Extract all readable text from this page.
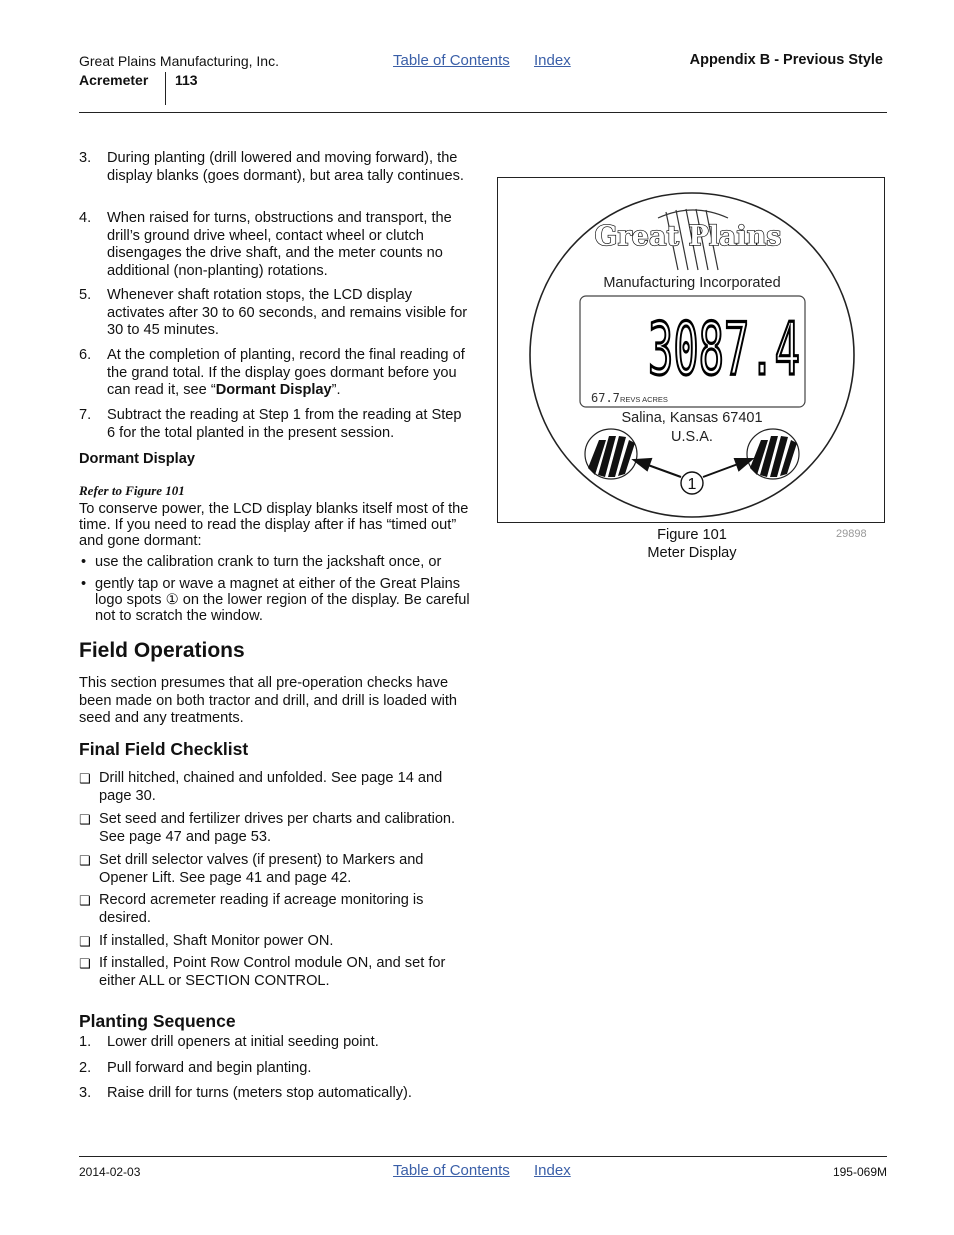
Great Plains Manufacturing, Inc.
Acremeter 113
Table of Contents Index	Appendix B - Previous Style
3.	During planting (drill lowered and moving forward), the display blanks (goes dormant), but area tally continues.
4.	When raised for turns, obstructions and transport, the drill’s ground drive wheel, contact wheel or clutch disengages the drive shaft, and the meter counts no additional (non-planting) rotations.
5.	Whenever shaft rotation stops, the LCD display activates after 30 to 60 seconds, and remains visible for 30 to 45 minutes.
6.	At the completion of planting, record the final reading of the grand total. If the display goes dormant before you can read it, see “Dormant Display”.
7.	Subtract the reading at Step 1 from the reading at Step 6 for the total planted in the present session.
Dormant Display
Refer to Figure 101
To conserve power, the LCD display blanks itself most of the time. If you need to read the display after if has “timed out” and gone dormant:
• use the calibration crank to turn the jackshaft once, or
• gently tap or wave a magnet at either of the Great Plains logo spots ① on the lower region of the display. Be careful not to scratch the window.
Field Operations
This section presumes that all pre-operation checks have been made on both tractor and drill, and drill is loaded with seed and any treatments.
Final Field Checklist
❑ Drill hitched, chained and unfolded. See page 14 and page 30.
❑ Set seed and fertilizer drives per charts and calibration. See page 47 and page 53.
❑ Set drill selector valves (if present) to Markers and Opener Lift. See page 41 and page 42.
❑ Record acremeter reading if acreage monitoring is desired.
❑ If installed, Shaft Monitor power ON.
❑ If installed, Point Row Control module ON, and set for either ALL or SECTION CONTROL.
Planting Sequence
1.	Lower drill openers at initial seeding point.
2.	Pull forward and begin planting.
3.	Raise drill for turns (meters stop automatically).
Great Plains
Manufacturing Incorporated
3087.4
67.7 REVS ACRES
Salina, Kansas 67401
U.S.A.
1
Figure 101
Meter Display
29898
2014-02-03	Table of Contents Index	195-069M
